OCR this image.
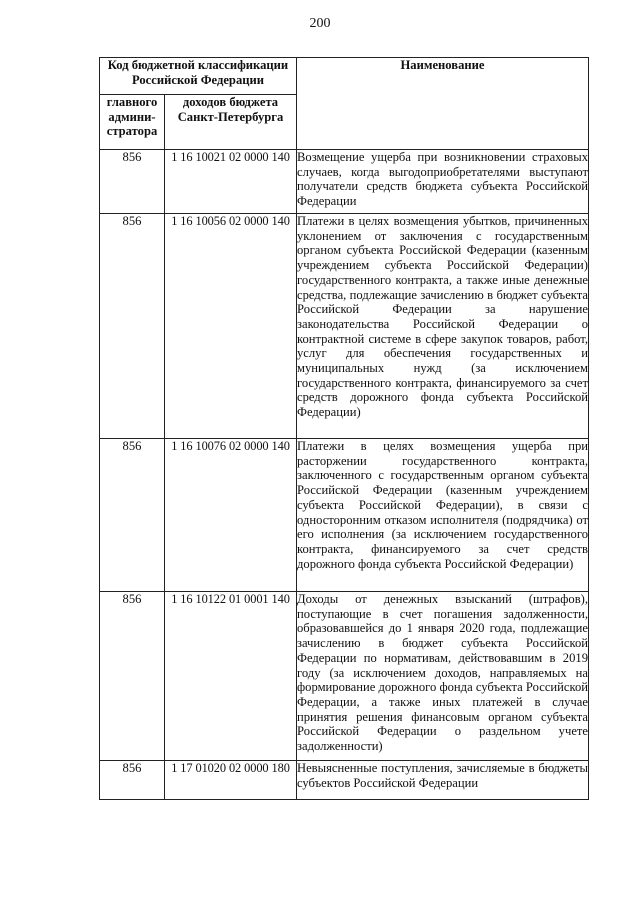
200
Код бюджетной классификации Российской Федерации		Наименование
главного админи-стратора	доходов бюджета Санкт-Петербурга	
856	1 16 10021 02 0000 140	Возмещение ущерба при возникновении страховых случаев, когда выгодоприобретателями выступают получатели средств бюджета субъекта Российской Федерации
856	1 16 10056 02 0000 140	Платежи в целях возмещения убытков, причиненных уклонением от заключения с государственным органом субъекта Российской Федерации (казенным учреждением субъекта Российской Федерации) государственного контракта, а также иные денежные средства, подлежащие зачислению в бюджет субъекта Российской Федерации за нарушение законодательства Российской Федерации о контрактной системе в сфере закупок товаров, работ, услуг для обеспечения государственных и муниципальных нужд (за исключением государственного контракта, финансируемого за счет средств дорожного фонда субъекта Российской Федерации)
856	1 16 10076 02 0000 140	Платежи в целях возмещения ущерба при расторжении государственного контракта, заключенного с государственным органом субъекта Российской Федерации (казенным учреждением субъекта Российской Федерации), в связи с односторонним отказом исполнителя (подрядчика) от его исполнения (за исключением государственного контракта, финансируемого за счет средств дорожного фонда субъекта Российской Федерации)
856	1 16 10122 01 0001 140	Доходы от денежных взысканий (штрафов), поступающие в счет погашения задолженности, образовавшейся до 1 января 2020 года, подлежащие зачислению в бюджет субъекта Российской Федерации по нормативам, действовавшим в 2019 году (за исключением доходов, направляемых на формирование дорожного фонда субъекта Российской Федерации, а также иных платежей в случае принятия решения финансовым органом субъекта Российской Федерации о раздельном учете задолженности)
856	1 17 01020 02 0000 180	Невыясненные поступления, зачисляемые в бюджеты субъектов Российской Федерации
